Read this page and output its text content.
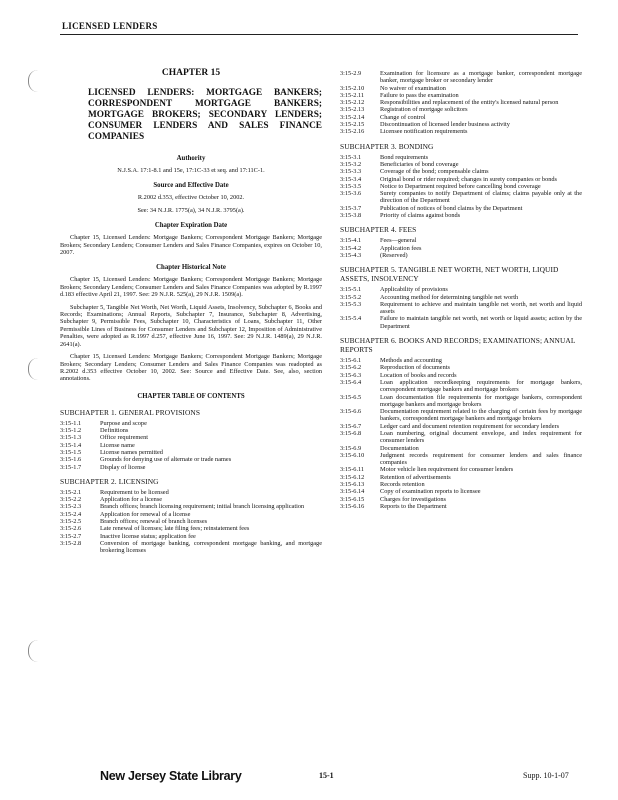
LICENSED LENDERS
CHAPTER 15
LICENSED LENDERS: MORTGAGE BANKERS; CORRESPONDENT MORTGAGE BANKERS; MORTGAGE BROKERS; SECONDARY LENDERS; CONSUMER LENDERS AND SALES FINANCE COMPANIES
Authority
N.J.S.A. 17:1-8.1 and 15e, 17:1C-33 et seq. and 17:11C-1.
Source and Effective Date
R.2002 d.353, effective October 10, 2002.
See: 34 N.J.R. 1775(a), 34 N.J.R. 3795(a).
Chapter Expiration Date
Chapter 15, Licensed Lenders: Mortgage Bankers; Correspondent Mortgage Bankers; Mortgage Brokers; Secondary Lenders; Consumer Lenders and Sales Finance Companies, expires on October 10, 2007.
Chapter Historical Note
Chapter 15, Licensed Lenders: Mortgage Bankers; Correspondent Mortgage Bankers; Mortgage Brokers; Secondary Lenders; Consumer Lenders and Sales Finance Companies was adopted by R.1997 d.183 effective April 21, 1997. See: 29 N.J.R. 525(a), 29 N.J.R. 1509(a).
Subchapter 5, Tangible Net Worth, Net Worth, Liquid Assets, Insolvency, Subchapter 6, Books and Records; Examinations; Annual Reports, Subchapter 7, Insurance, Subchapter 8, Advertising, Subchapter 9, Permissible Fees, Subchapter 10, Characteristics of Loans, Subchapter 11, Other Permissible Lines of Business for Consumer Lenders and Subchapter 12, Imposition of Administrative Penalties, were adopted as R.1997 d.257, effective June 16, 1997. See: 29 N.J.R. 1489(a), 29 N.J.R. 2641(a).
Chapter 15, Licensed Lenders: Mortgage Bankers; Correspondent Mortgage Bankers; Mortgage Brokers; Secondary Lenders; Consumer Lenders and Sales Finance Companies was readopted as R.2002 d.353 effective October 10, 2002. See: Source and Effective Date. See, also, section annotations.
CHAPTER TABLE OF CONTENTS
SUBCHAPTER 1. GENERAL PROVISIONS
3:15-1.1	Purpose and scope
3:15-1.2	Definitions
3:15-1.3	Office requirement
3:15-1.4	License name
3:15-1.5	License names permitted
3:15-1.6	Grounds for denying use of alternate or trade names
3:15-1.7	Display of license
SUBCHAPTER 2. LICENSING
3:15-2.1	Requirement to be licensed
3:15-2.2	Application for a license
3:15-2.3	Branch offices; branch licensing requirement; initial branch licensing application
3:15-2.4	Application for renewal of a license
3:15-2.5	Branch offices; renewal of branch licenses
3:15-2.6	Late renewal of licenses; late filing fees; reinstatement fees
3:15-2.7	Inactive license status; application fee
3:15-2.8	Conversion of mortgage banking, correspondent mortgage banking, and mortgage brokering licenses
3:15-2.9	Examination for licensure as a mortgage banker, correspondent mortgage banker, mortgage broker or secondary lender
3:15-2.10	No waiver of examination
3:15-2.11	Failure to pass the examination
3:15-2.12	Responsibilities and replacement of the entity's licensed natural person
3:15-2.13	Registration of mortgage solicitors
3:15-2.14	Change of control
3:15-2.15	Discontinuation of licensed lender business activity
3:15-2.16	Licensee notification requirements
SUBCHAPTER 3. BONDING
3:15-3.1	Bond requirements
3:15-3.2	Beneficiaries of bond coverage
3:15-3.3	Coverage of the bond; compensable claims
3:15-3.4	Original bond or rider required; changes in surety companies or bonds
3:15-3.5	Notice to Department required before cancelling bond coverage
3:15-3.6	Surety companies to notify Department of claims; claims payable only at the direction of the Department
3:15-3.7	Publication of notices of bond claims by the Department
3:15-3.8	Priority of claims against bonds
SUBCHAPTER 4. FEES
3:15-4.1	Fees—general
3:15-4.2	Application fees
3:15-4.3	(Reserved)
SUBCHAPTER 5. TANGIBLE NET WORTH, NET WORTH, LIQUID ASSETS, INSOLVENCY
3:15-5.1	Applicability of provisions
3:15-5.2	Accounting method for determining tangible net worth
3:15-5.3	Requirement to achieve and maintain tangible net worth, net worth and liquid assets
3:15-5.4	Failure to maintain tangible net worth, net worth or liquid assets; action by the Department
SUBCHAPTER 6. BOOKS AND RECORDS; EXAMINATIONS; ANNUAL REPORTS
3:15-6.1	Methods and accounting
3:15-6.2	Reproduction of documents
3:15-6.3	Location of books and records
3:15-6.4	Loan application recordkeeping requirements for mortgage bankers, correspondent mortgage bankers and mortgage brokers
3:15-6.5	Loan documentation file requirements for mortgage bankers, correspondent mortgage bankers and mortgage brokers
3:15-6.6	Documentation requirement related to the charging of certain fees by mortgage bankers, correspondent mortgage bankers and mortgage brokers
3:15-6.7	Ledger card and document retention requirement for secondary lenders
3:15-6.8	Loan numbering, original document envelope, and index requirement for consumer lenders
3:15-6.9	Documentation
3:15-6.10	Judgment records requirement for consumer lenders and sales finance companies
3:15-6.11	Motor vehicle lien requirement for consumer lenders
3:15-6.12	Retention of advertisements
3:15-6.13	Records retention
3:15-6.14	Copy of examination reports to licensee
3:15-6.15	Charges for investigations
3:15-6.16	Reports to the Department
New Jersey State Library	15-1	Supp. 10-1-07
